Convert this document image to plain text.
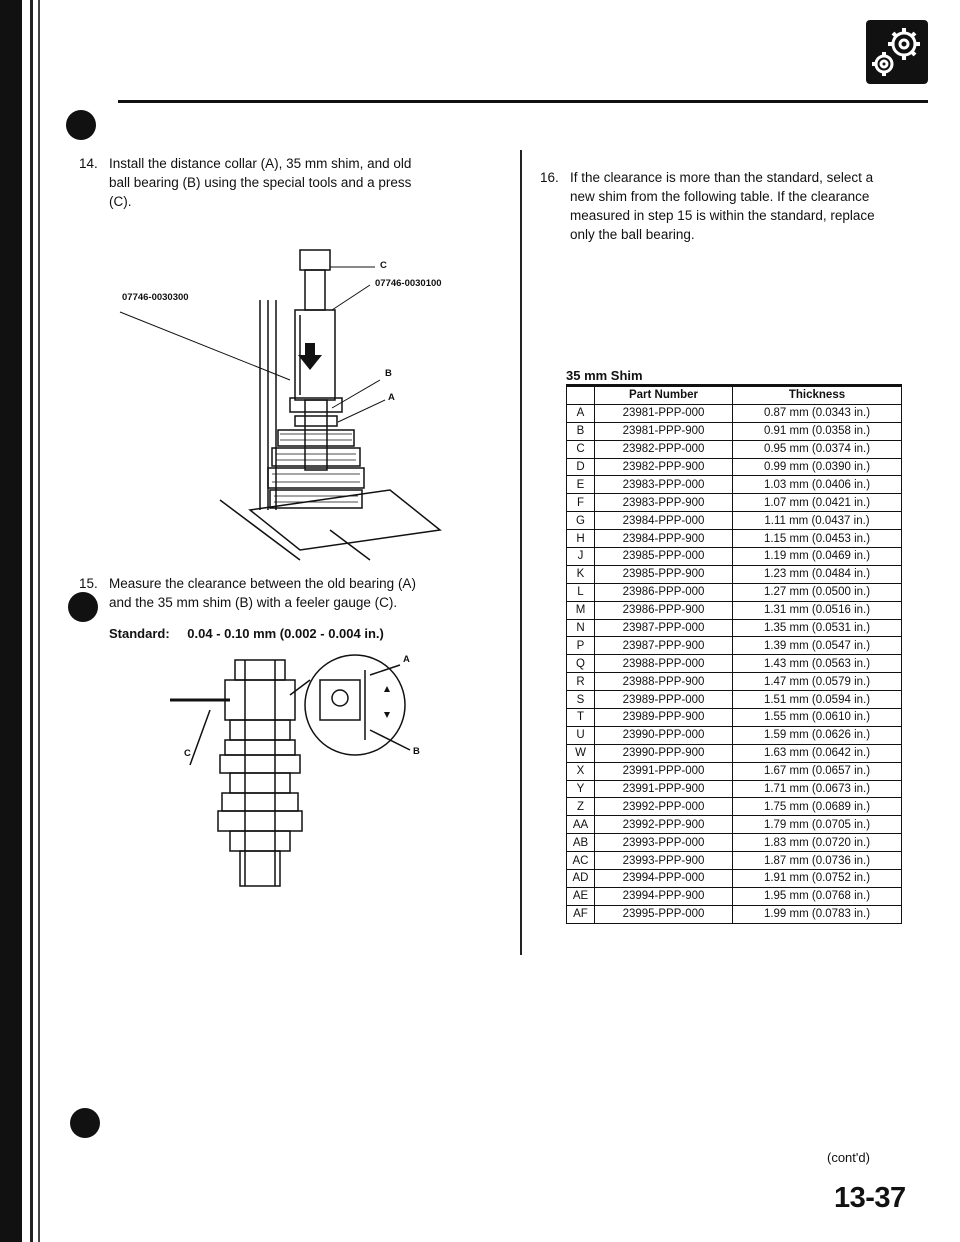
14. Install the distance collar (A), 35 mm shim, and old
ball bearing (B) using the special tools and a press
(C).
C
07746-0030100
07746-0030300
B
A
15. Measure the clearance between the old bearing (A)
and the 35 mm shim (B) with a feeler gauge (C).
Standard: 0.04 - 0.10 mm (0.002 - 0.004 in.)
A
B
C
16. If the clearance is more than the standard, select a
new shim from the following table. If the clearance
measured in step 15 is within the standard, replace
only the ball bearing.
35 mm Shim
	Part Number	Thickness
A	23981-PPP-000	0.87 mm (0.0343 in.)
B	23981-PPP-900	0.91 mm (0.0358 in.)
C	23982-PPP-000	0.95 mm (0.0374 in.)
D	23982-PPP-900	0.99 mm (0.0390 in.)
E	23983-PPP-000	1.03 mm (0.0406 in.)
F	23983-PPP-900	1.07 mm (0.0421 in.)
G	23984-PPP-000	1.11 mm (0.0437 in.)
H	23984-PPP-900	1.15 mm (0.0453 in.)
J	23985-PPP-000	1.19 mm (0.0469 in.)
K	23985-PPP-900	1.23 mm (0.0484 in.)
L	23986-PPP-000	1.27 mm (0.0500 in.)
M	23986-PPP-900	1.31 mm (0.0516 in.)
N	23987-PPP-000	1.35 mm (0.0531 in.)
P	23987-PPP-900	1.39 mm (0.0547 in.)
Q	23988-PPP-000	1.43 mm (0.0563 in.)
R	23988-PPP-900	1.47 mm (0.0579 in.)
S	23989-PPP-000	1.51 mm (0.0594 in.)
T	23989-PPP-900	1.55 mm (0.0610 in.)
U	23990-PPP-000	1.59 mm (0.0626 in.)
W	23990-PPP-900	1.63 mm (0.0642 in.)
X	23991-PPP-000	1.67 mm (0.0657 in.)
Y	23991-PPP-900	1.71 mm (0.0673 in.)
Z	23992-PPP-000	1.75 mm (0.0689 in.)
AA	23992-PPP-900	1.79 mm (0.0705 in.)
AB	23993-PPP-000	1.83 mm (0.0720 in.)
AC	23993-PPP-900	1.87 mm (0.0736 in.)
AD	23994-PPP-000	1.91 mm (0.0752 in.)
AE	23994-PPP-900	1.95 mm (0.0768 in.)
AF	23995-PPP-000	1.99 mm (0.0783 in.)
(cont'd)
13-37
